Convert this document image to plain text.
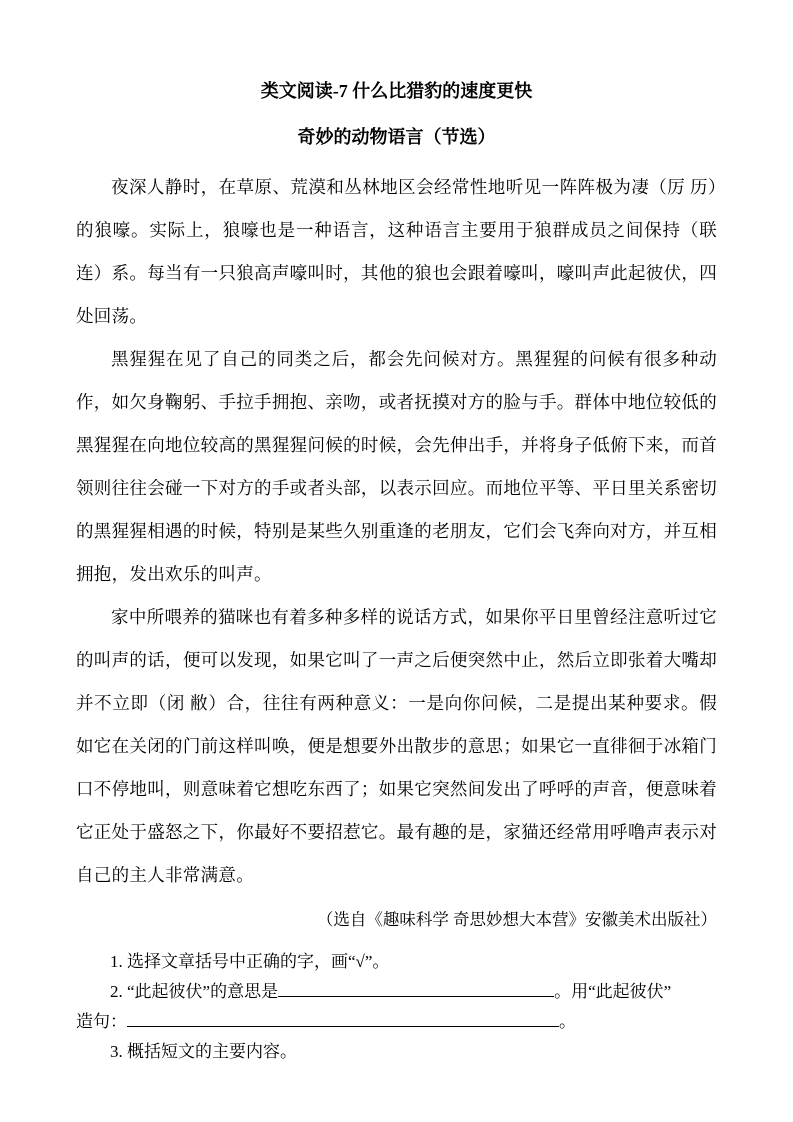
类文阅读-7 什么比猎豹的速度更快
奇妙的动物语言（节选）

夜深人静时，在草原、荒漠和丛林地区会经常性地听见一阵阵极为凄（厉 历）的狼嚎。实际上，狼嚎也是一种语言，这种语言主要用于狼群成员之间保持（联 连）系。每当有一只狼高声嚎叫时，其他的狼也会跟着嚎叫，嚎叫声此起彼伏，四处回荡。

黑猩猩在见了自己的同类之后，都会先问候对方。黑猩猩的问候有很多种动作，如欠身鞠躬、手拉手拥抱、亲吻，或者抚摸对方的脸与手。群体中地位较低的黑猩猩在向地位较高的黑猩猩问候的时候，会先伸出手，并将身子低俯下来，而首领则往往会碰一下对方的手或者头部，以表示回应。而地位平等、平日里关系密切的黑猩猩相遇的时候，特别是某些久别重逢的老朋友，它们会飞奔向对方，并互相拥抱，发出欢乐的叫声。

家中所喂养的猫咪也有着多种多样的说话方式，如果你平日里曾经注意听过它的叫声的话，便可以发现，如果它叫了一声之后便突然中止，然后立即张着大嘴却并不立即（闭 敝）合，往往有两种意义：一是向你问候，二是提出某种要求。假如它在关闭的门前这样叫唤，便是想要外出散步的意思；如果它一直徘徊于冰箱门口不停地叫，则意味着它想吃东西了；如果它突然间发出了呼呼的声音，便意味着它正处于盛怒之下，你最好不要招惹它。最有趣的是，家猫还经常用呼噜声表示对自己的主人非常满意。

（选自《趣味科学 奇思妙想大本营》安徽美术出版社）
1. 选择文章括号中正确的字，画“√”。
2. “此起彼伏”的意思是	。用“此起彼伏”
造句：	。
3. 概括短文的主要内容。
